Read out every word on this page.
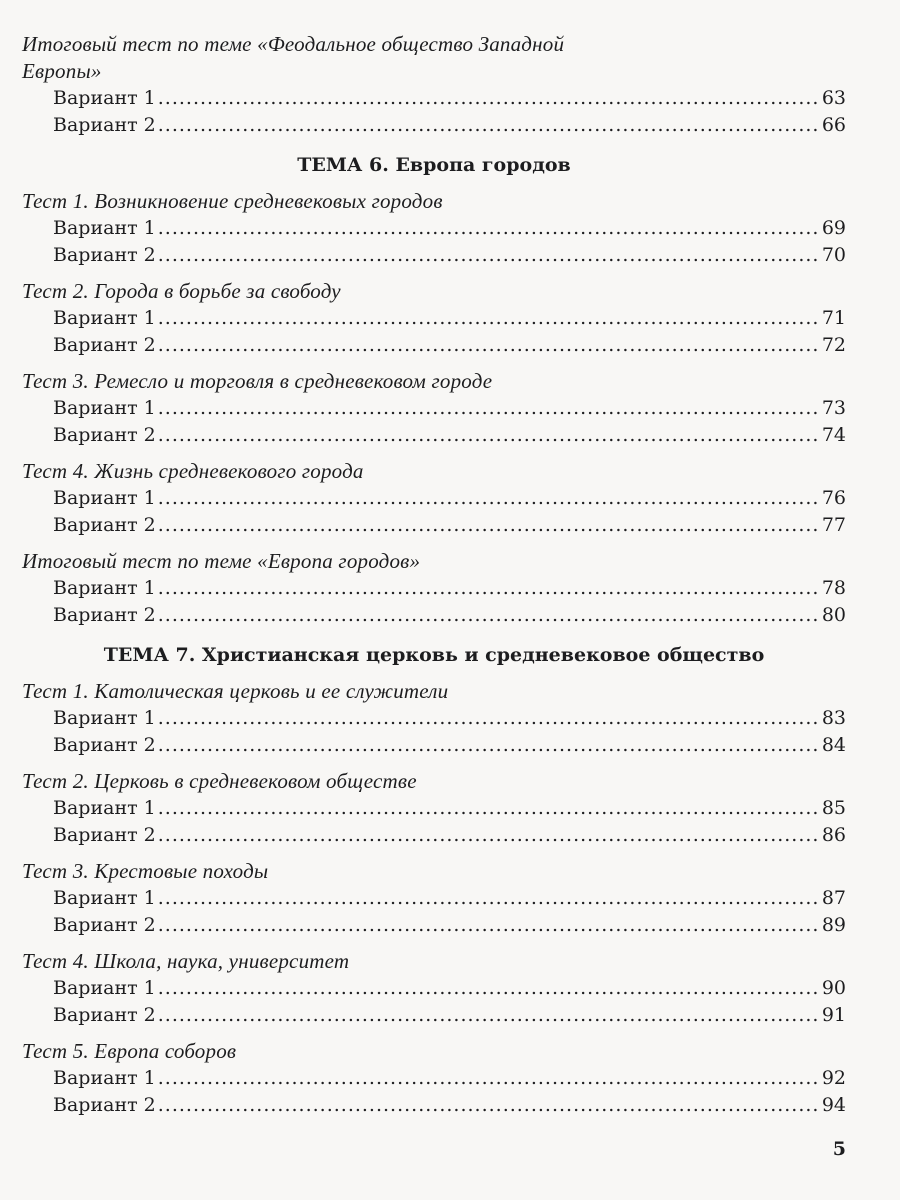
Итоговый тест по теме «Феодальное общество Западной Европы»
Вариант 1 .....	63
Вариант 2 .....	66
ТЕМА 6. Европа городов
Тест 1. Возникновение средневековых городов
Вариант 1 .....	69
Вариант 2 .....	70
Тест 2. Города в борьбе за свободу
Вариант 1 .....	71
Вариант 2 .....	72
Тест 3. Ремесло и торговля в средневековом городе
Вариант 1 .....	73
Вариант 2 .....	74
Тест 4. Жизнь средневекового города
Вариант 1 .....	76
Вариант 2 .....	77
Итоговый тест по теме «Европа городов»
Вариант 1 .....	78
Вариант 2 .....	80
ТЕМА 7. Христианская церковь и средневековое общество
Тест 1. Католическая церковь и ее служители
Вариант 1 .....	83
Вариант 2 .....	84
Тест 2. Церковь в средневековом обществе
Вариант 1 .....	85
Вариант 2 .....	86
Тест 3. Крестовые походы
Вариант 1 .....	87
Вариант 2 .....	89
Тест 4. Школа, наука, университет
Вариант 1 .....	90
Вариант 2 .....	91
Тест 5. Европа соборов
Вариант 1 .....	92
Вариант 2 .....	94
5
